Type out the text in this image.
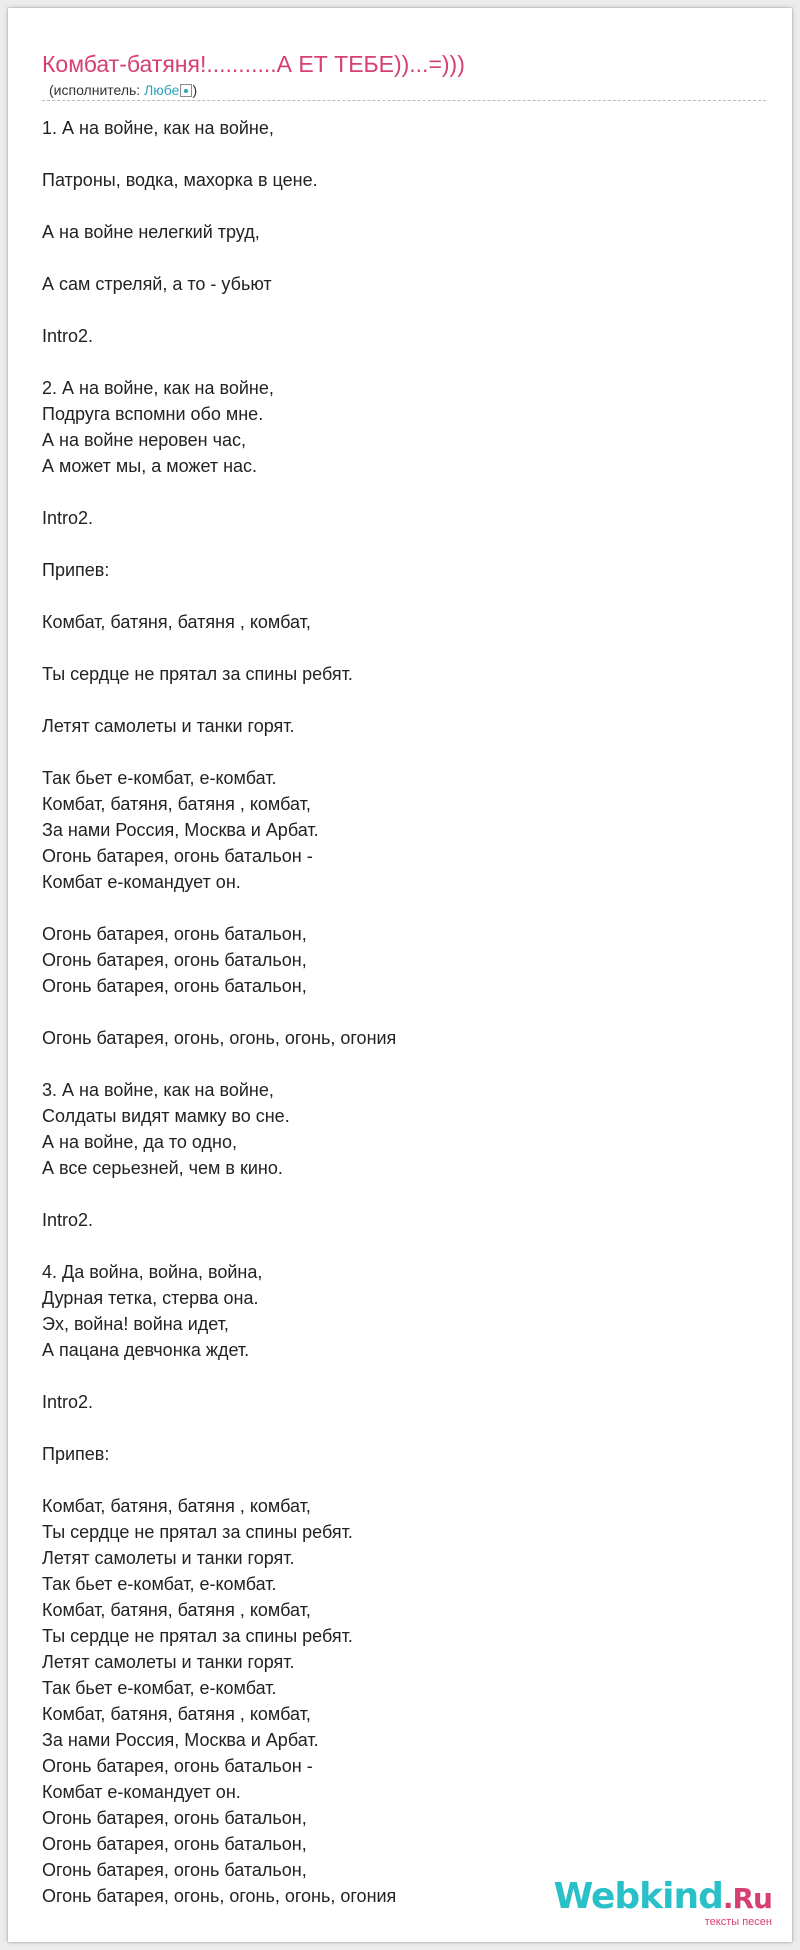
Комбат-батяня!...........А ЕТ ТЕБЕ))...=)))
(исполнитель: Любе )
1. А на войне, как на войне,
Патроны, водка, махорка в цене.
А на войне нелегкий труд,
А сам стреляй, а то - убьют
Intro2.
2. А на войне, как на войне,
Подруга вспомни обо мне.
А на войне неровен час,
А может мы, а может нас.
Intro2.
Припев:
Комбат, батяня, батяня , комбат,
Ты сердце не прятал за спины ребят.
Летят самолеты и танки горят.
Так бьет е-комбат, е-комбат.
Комбат, батяня, батяня , комбат,
За нами Россия, Москва и Арбат.
Огонь батарея, огонь батальон -
Комбат е-командует он.
Огонь батарея, огонь батальон,
Огонь батарея, огонь батальон,
Огонь батарея, огонь батальон,
Огонь батарея, огонь, огонь, огонь, огония
3. А на войне, как на войне,
Солдаты видят мамку во сне.
А на войне, да то одно,
А все серьезней, чем в кино.
Intro2.
4. Да война, война, война,
Дурная тетка, стерва она.
Эх, война! война идет,
А пацана девчонка ждет.
Intro2.
Припев:
Комбат, батяня, батяня , комбат,
Ты сердце не прятал за спины ребят.
Летят самолеты и танки горят.
Так бьет е-комбат, е-комбат.
Комбат, батяня, батяня , комбат,
Ты сердце не прятал за спины ребят.
Летят самолеты и танки горят.
Так бьет е-комбат, е-комбат.
Комбат, батяня, батяня , комбат,
За нами Россия, Москва и Арбат.
Огонь батарея, огонь батальон -
Комбат е-командует он.
Огонь батарея, огонь батальон,
Огонь батарея, огонь батальон,
Огонь батарея, огонь батальон,
Огонь батарея, огонь, огонь, огонь, огония	Webkind.Ru
тексты песен
